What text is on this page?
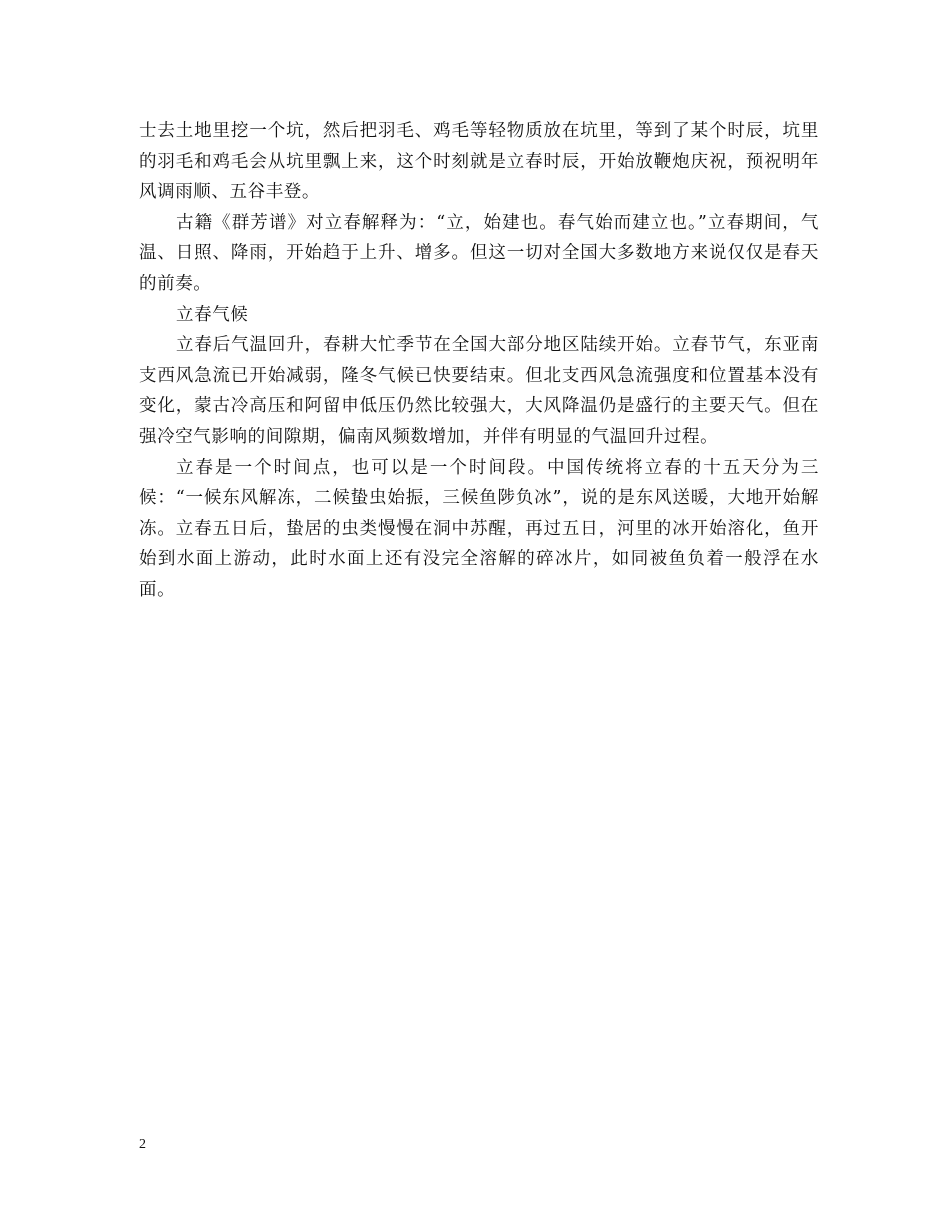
士去土地里挖一个坑，然后把羽毛、鸡毛等轻物质放在坑里，等到了某个时辰，坑里的羽毛和鸡毛会从坑里飘上来，这个时刻就是立春时辰，开始放鞭炮庆祝，预祝明年风调雨顺、五谷丰登。

古籍《群芳谱》对立春解释为：“立，始建也。春气始而建立也。”立春期间，气温、日照、降雨，开始趋于上升、增多。但这一切对全国大多数地方来说仅仅是春天的前奏。

立春气候

立春后气温回升，春耕大忙季节在全国大部分地区陆续开始。立春节气，东亚南支西风急流已开始减弱，隆冬气候已快要结束。但北支西风急流强度和位置基本没有变化，蒙古冷高压和阿留申低压仍然比较强大，大风降温仍是盛行的主要天气。但在强冷空气影响的间隙期，偏南风频数增加，并伴有明显的气温回升过程。

立春是一个时间点，也可以是一个时间段。中国传统将立春的十五天分为三候：“一候东风解冻，二候蛰虫始振，三候鱼陟负冰”，说的是东风送暖，大地开始解冻。立春五日后，蛰居的虫类慢慢在洞中苏醒，再过五日，河里的冰开始溶化，鱼开始到水面上游动，此时水面上还有没完全溶解的碎冰片，如同被鱼负着一般浮在水面。

2
